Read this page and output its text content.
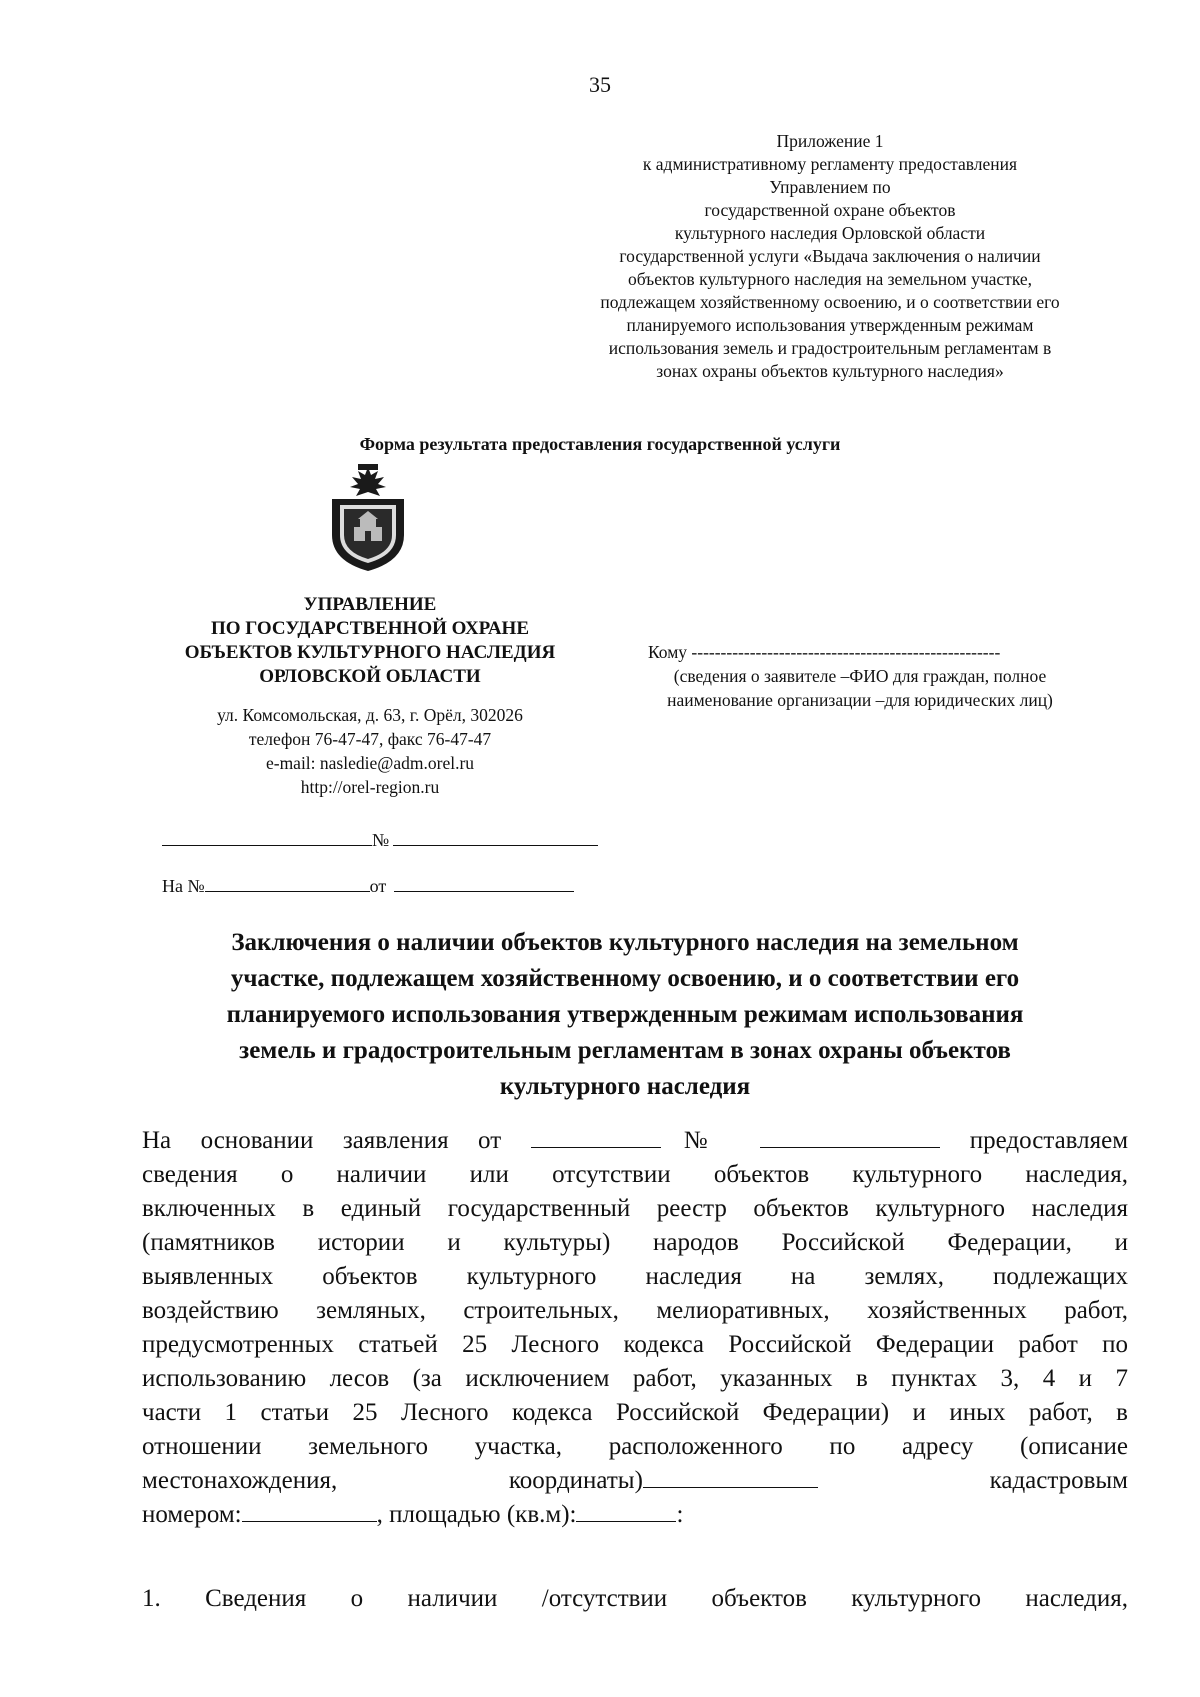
35
Приложение 1
к административному регламенту предоставления
Управлением по
государственной охране объектов
культурного наследия Орловской области
государственной услуги «Выдача заключения о наличии
объектов культурного наследия на земельном участке,
подлежащем хозяйственному освоению, и о соответствии его
планируемого использования утвержденным режимам
использования земель и градостроительным регламентам в
зонах охраны объектов культурного наследия»
Форма результата предоставления государственной услуги
УПРАВЛЕНИЕ
ПО ГОСУДАРСТВЕННОЙ ОХРАНЕ
ОБЪЕКТОВ КУЛЬТУРНОГО НАСЛЕДИЯ
ОРЛОВСКОЙ ОБЛАСТИ
ул. Комсомольская, д. 63, г. Орёл, 302026
телефон 76-47-47, факс 76-47-47
e-mail: nasledie@adm.orel.ru
http://orel-region.ru
Кому -----------------------------------------------------
(сведения о заявителе –ФИО для граждан, полное
наименование организации –для юридических лиц)
№
На №	от
Заключения о наличии объектов культурного наследия на земельном
участке, подлежащем хозяйственному освоению, и о соответствии его
планируемого использования утвержденным режимам использования
земель и градостроительным регламентам в зонах охраны объектов
культурного наследия
На основании заявления от	№	предоставляем
сведения о наличии или отсутствии объектов культурного наследия,
включенных в единый государственный реестр объектов культурного наследия
(памятников истории и культуры) народов Российской Федерации, и
выявленных объектов культурного наследия на землях, подлежащих
воздействию земляных, строительных, мелиоративных, хозяйственных работ,
предусмотренных статьей 25 Лесного кодекса Российской Федерации работ по
использованию лесов (за исключением работ, указанных в пунктах 3, 4 и 7
части 1 статьи 25 Лесного кодекса Российской Федерации) и иных работ, в
отношении земельного участка, расположенного по адресу (описание
местонахождения,	координаты)	кадастровым
номером:	, площадью (кв.м):	:
1. Сведения о наличии /отсутствии объектов культурного наследия,
